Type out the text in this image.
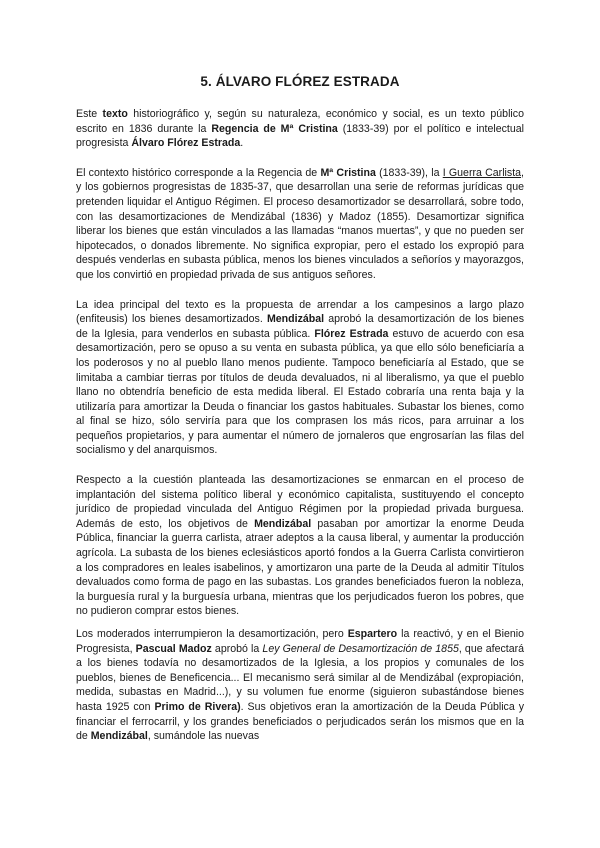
5. ÁLVARO FLÓREZ ESTRADA

Este texto historiográfico y, según su naturaleza, económico y social, es un texto público escrito en 1836 durante la Regencia de Mª Cristina (1833-39) por el político e intelectual progresista Álvaro Flórez Estrada.

El contexto histórico corresponde a la Regencia de Mª Cristina (1833-39), la I Guerra Carlista, y los gobiernos progresistas de 1835-37, que desarrollan una serie de reformas jurídicas que pretenden liquidar el Antiguo Régimen. El proceso desamortizador se desarrollará, sobre todo, con las desamortizaciones de Mendizábal (1836) y Madoz (1855). Desamortizar significa liberar los bienes que están vinculados a las llamadas “manos muertas”, y que no pueden ser hipotecados, o donados libremente. No significa expropiar, pero el estado los expropió para después venderlas en subasta pública, menos los bienes vinculados a señoríos y mayorazgos, que los convirtió en propiedad privada de sus antiguos señores.

La idea principal del texto es la propuesta de arrendar a los campesinos a largo plazo (enfiteusis) los bienes desamortizados. Mendizábal aprobó la desamortización de los bienes de la Iglesia, para venderlos en subasta pública. Flórez Estrada estuvo de acuerdo con esa desamortización, pero se opuso a su venta en subasta pública, ya que ello sólo beneficiaría a los poderosos y no al pueblo llano menos pudiente. Tampoco beneficiaría al Estado, que se limitaba a cambiar tierras por títulos de deuda devaluados, ni al liberalismo, ya que el pueblo llano no obtendría beneficio de esta medida liberal. El Estado cobraría una renta baja y la utilizaría para amortizar la Deuda o financiar los gastos habituales. Subastar los bienes, como al final se hizo, sólo serviría para que los comprasen los más ricos, para arruinar a los pequeños propietarios, y para aumentar el número de jornaleros que engrosarían las filas del socialismo y del anarquismos.

Respecto a la cuestión planteada las desamortizaciones se enmarcan en el proceso de implantación del sistema político liberal y económico capitalista, sustituyendo el concepto jurídico de propiedad vinculada del Antiguo Régimen por la propiedad privada burguesa. Además de esto, los objetivos de Mendizábal pasaban por amortizar la enorme Deuda Pública, financiar la guerra carlista, atraer adeptos a la causa liberal, y aumentar la producción agrícola. La subasta de los bienes eclesiásticos aportó fondos a la Guerra Carlista convirtieron a los compradores en leales isabelinos, y amortizaron una parte de la Deuda al admitir Títulos devaluados como forma de pago en las subastas. Los grandes beneficiados fueron la nobleza, la burguesía rural y la burguesía urbana, mientras que los perjudicados fueron los pobres, que no pudieron comprar estos bienes.

Los moderados interrumpieron la desamortización, pero Espartero la reactivó, y en el Bienio Progresista, Pascual Madoz aprobó la Ley General de Desamortización de 1855, que afectará a los bienes todavía no desamortizados de la Iglesia, a los propios y comunales de los pueblos, bienes de Beneficencia... El mecanismo será similar al de Mendizábal (expropiación, medida, subastas en Madrid...), y su volumen fue enorme (siguieron subastándose bienes hasta 1925 con Primo de Rivera). Sus objetivos eran la amortización de la Deuda Pública y financiar el ferrocarril, y los grandes beneficiados o perjudicados serán los mismos que en la de Mendizábal, sumándole las nuevas
